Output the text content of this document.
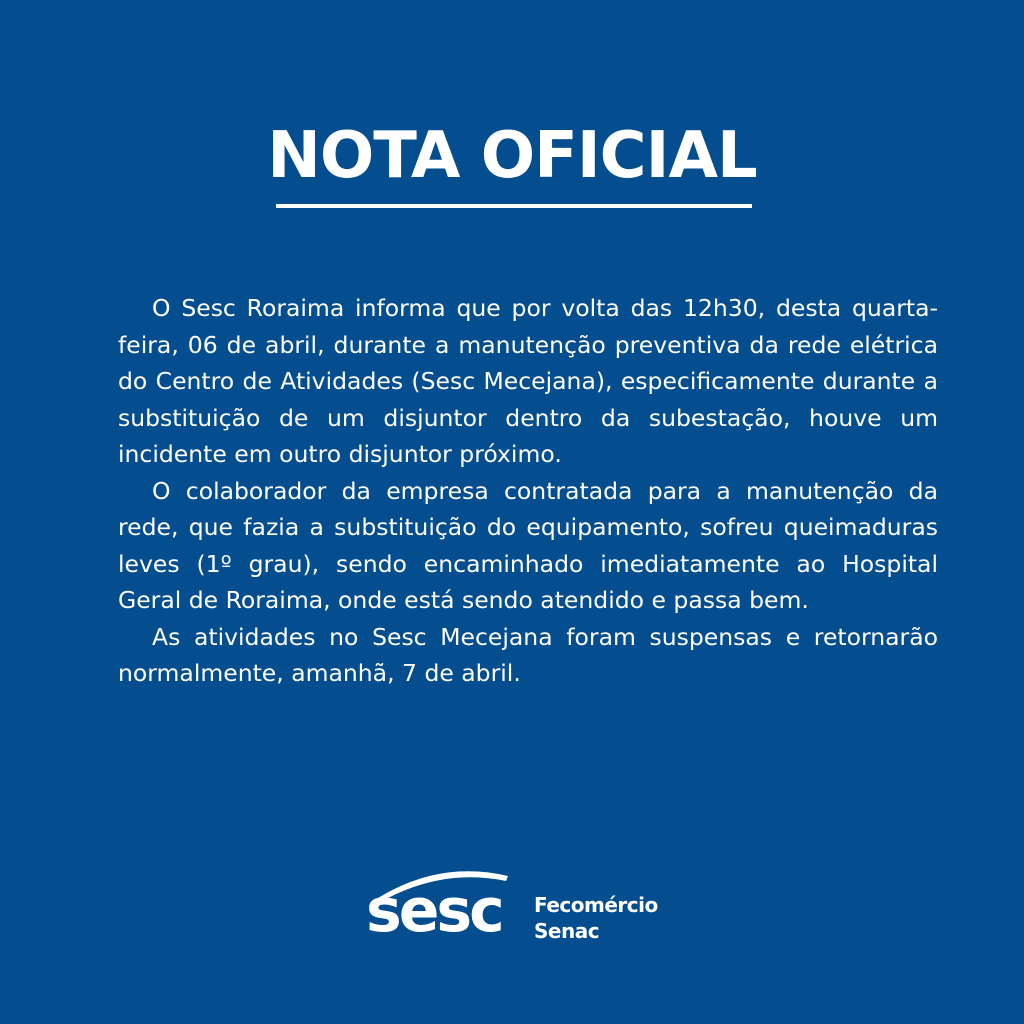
NOTA OFICIAL

O Sesc Roraima informa que por volta das 12h30, desta quarta-feira, 06 de abril, durante a manutenção preventiva da rede elétrica do Centro de Atividades (Sesc Mecejana), especificamente durante a substituição de um disjuntor dentro da subestação, houve um incidente em outro disjuntor próximo.

O colaborador da empresa contratada para a manutenção da rede, que fazia a substituição do equipamento, sofreu queimaduras leves (1º grau), sendo encaminhado imediatamente ao Hospital Geral de Roraima, onde está sendo atendido e passa bem.

As atividades no Sesc Mecejana foram suspensas e retornarão normalmente, amanhã, 7 de abril.

sesc Fecomércio
Senac
